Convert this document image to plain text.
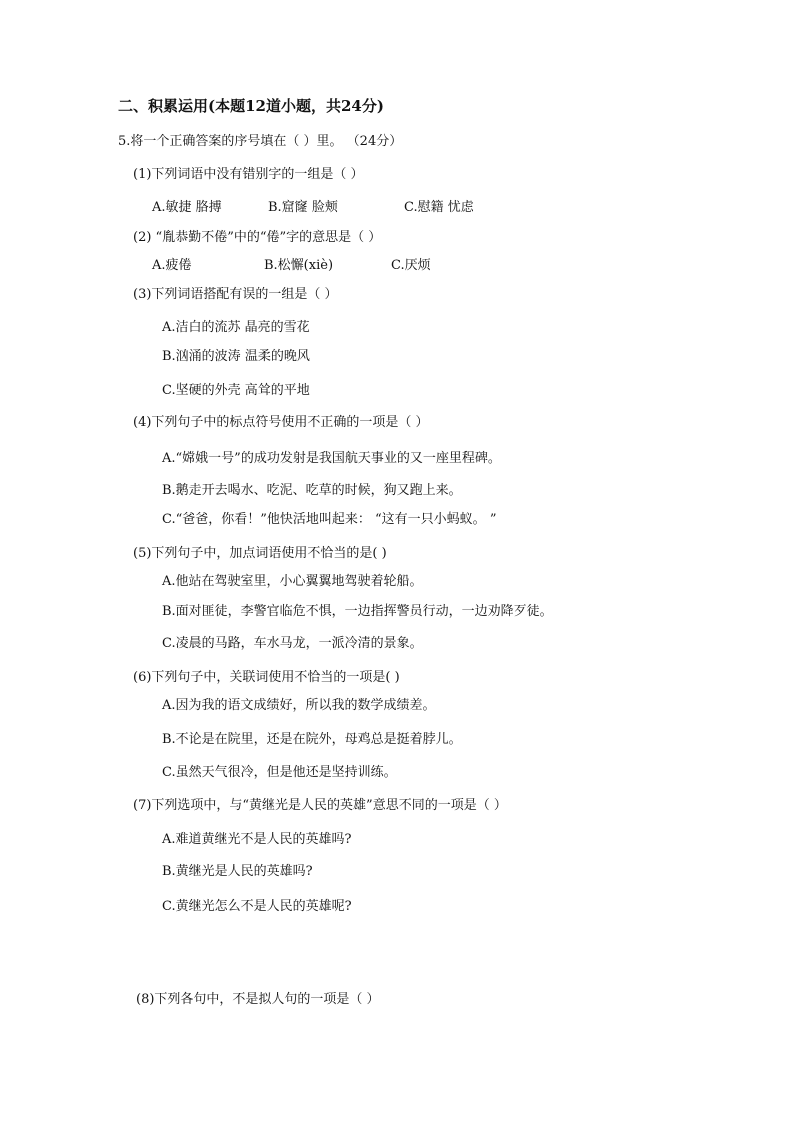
二、积累运用(本题12道小题，共24分)
5.将一个正确答案的序号填在（ ）里。 （24分）
(1)下列词语中没有错别字的一组是（ ）
A.敏捷 胳搏	B.窟窿 脸颊	C.慰籍 忧虑
(2) “胤恭勤不倦”中的“倦”字的意思是（ ）
A.疲倦	B.松懈(xiè)	C.厌烦
(3)下列词语搭配有误的一组是（ ）
A.洁白的流苏 晶亮的雪花
B.汹涌的波涛 温柔的晚风
C.坚硬的外壳 高耸的平地
(4)下列句子中的标点符号使用不正确的一项是（ ）
A.“嫦娥一号”的成功发射是我国航天事业的又一座里程碑。
B.鹅走开去喝水、吃泥、吃草的时候，狗又跑上来。
C.“爸爸，你看！”他快活地叫起来： “这有一只小蚂蚁。 ”
(5)下列句子中，加点词语使用不恰当的是( )
A.他站在驾驶室里，小心翼翼地驾驶着轮船。
B.面对匪徒，李警官临危不惧，一边指挥警员行动，一边劝降歹徒。
C.凌晨的马路，车水马龙，一派冷清的景象。
(6)下列句子中，关联词使用不恰当的一项是( )
A.因为我的语文成绩好，所以我的数学成绩差。
B.不论是在院里，还是在院外，母鸡总是挺着脖儿。
C.虽然天气很冷，但是他还是坚持训练。
(7)下列选项中，与“黄继光是人民的英雄”意思不同的一项是（ ）
A.难道黄继光不是人民的英雄吗?
B.黄继光是人民的英雄吗?
C.黄继光怎么不是人民的英雄呢?
(8)下列各句中，不是拟人句的一项是（ ）
